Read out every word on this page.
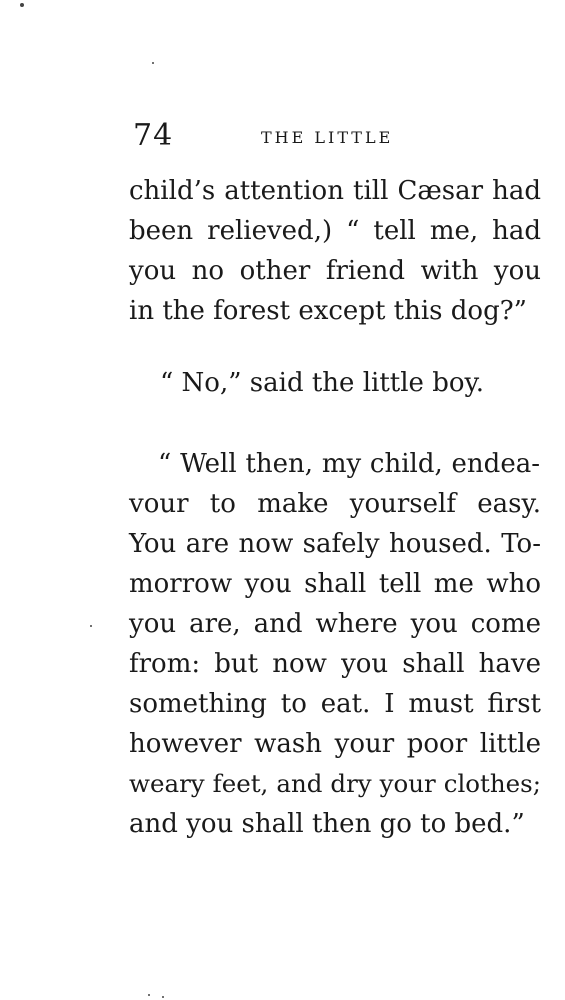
74	THE LITTLE
child’s attention till Cæsar had
been relieved,) “ tell me, had
you no other friend with you
in the forest except this dog?”
“ No,” said the little boy.
“ Well then, my child, endea-
vour to make yourself easy.
You are now safely housed. To-
morrow you shall tell me who
you are, and where you come
from: but now you shall have
something to eat. I must first
however wash your poor little
weary feet, and dry your clothes;
and you shall then go to bed.”
